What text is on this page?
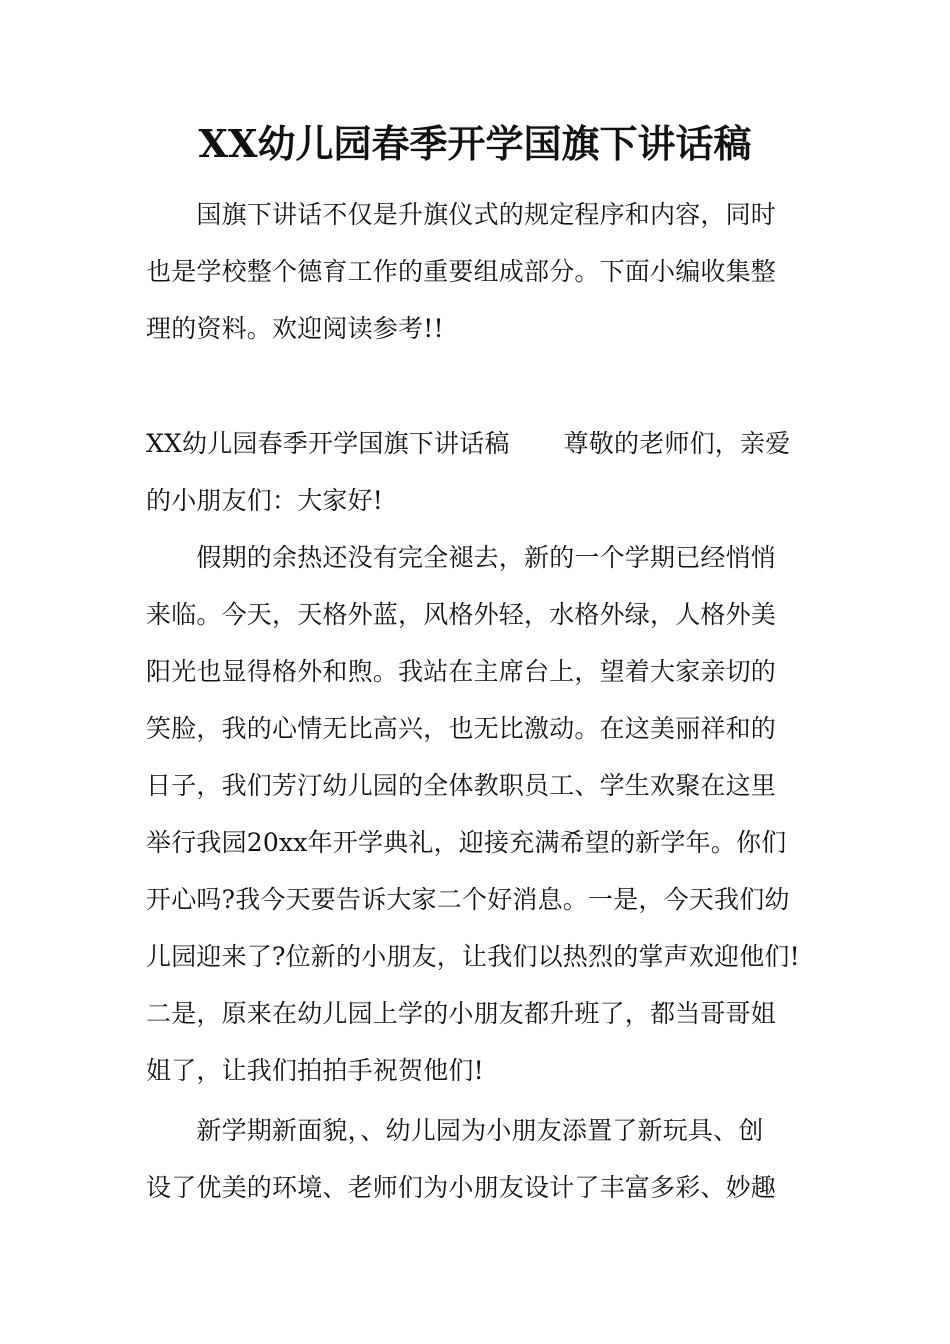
XX幼儿园春季开学国旗下讲话稿
　　国旗下讲话不仅是升旗仪式的规定程序和内容，同时
也是学校整个德育工作的重要组成部分。下面小编收集整
理的资料。欢迎阅读参考!!
XX幼儿园春季开学国旗下讲话稿 尊敬的老师们，亲爱
的小朋友们：大家好!
　　假期的余热还没有完全褪去，新的一个学期已经悄悄
来临。今天，天格外蓝，风格外轻，水格外绿，人格外美
阳光也显得格外和煦。我站在主席台上，望着大家亲切的
笑脸，我的心情无比高兴，也无比激动。在这美丽祥和的
日子，我们芳汀幼儿园的全体教职员工、学生欢聚在这里
举行我园20xx年开学典礼，迎接充满希望的新学年。你们
开心吗?我今天要告诉大家二个好消息。一是，今天我们幼
儿园迎来了?位新的小朋友，让我们以热烈的掌声欢迎他们!
二是，原来在幼儿园上学的小朋友都升班了，都当哥哥姐
姐了，让我们拍拍手祝贺他们!
　　新学期新面貌，、幼儿园为小朋友添置了新玩具、创
设了优美的环境、老师们为小朋友设计了丰富多彩、妙趣
